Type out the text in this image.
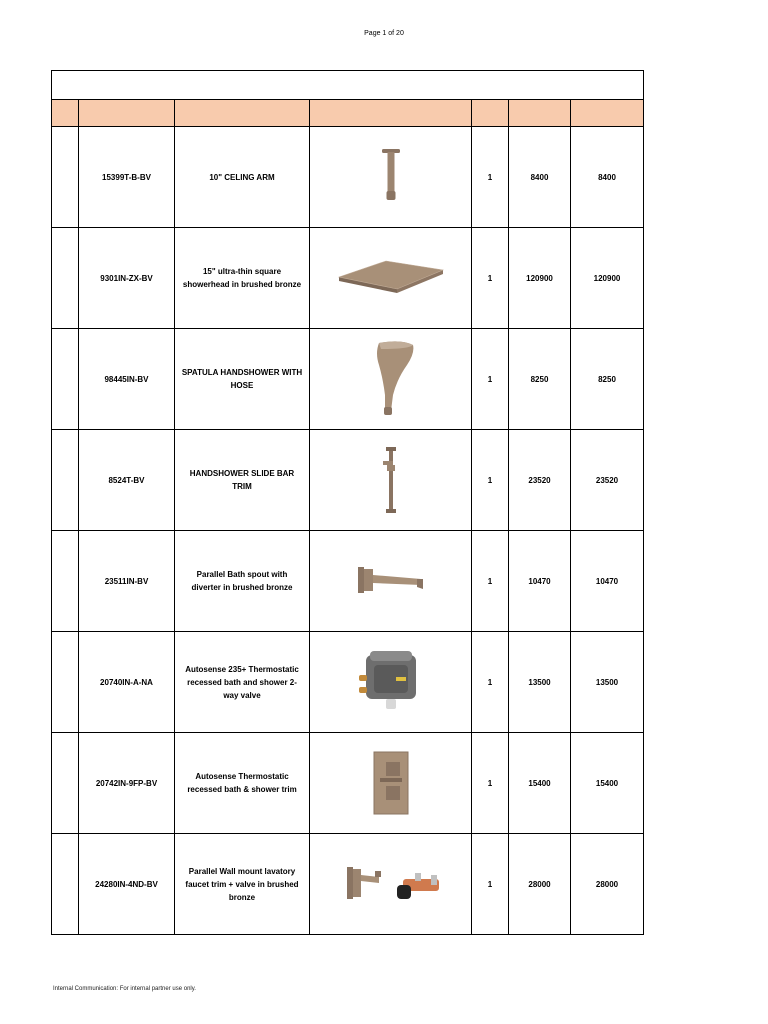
Page 1 of 20

	15399T-B-BV	10" CELING ARM		1	8400	8400
	9301IN-ZX-BV	15" ultra-thin square showerhead in brushed bronze		1	120900	120900
	98445IN-BV	SPATULA HANDSHOWER WITH HOSE		1	8250	8250
	8524T-BV	HANDSHOWER SLIDE BAR TRIM		1	23520	23520
	23511IN-BV	Parallel Bath spout with diverter in brushed bronze		1	10470	10470
	20740IN-A-NA	Autosense 235+ Thermostatic recessed bath and shower 2-way valve		1	13500	13500
	20742IN-9FP-BV	Autosense Thermostatic recessed bath & shower trim		1	15400	15400
	24280IN-4ND-BV	Parallel Wall mount lavatory faucet trim + valve in brushed bronze		1	28000	28000
Internal Communication: For internal partner use only.
